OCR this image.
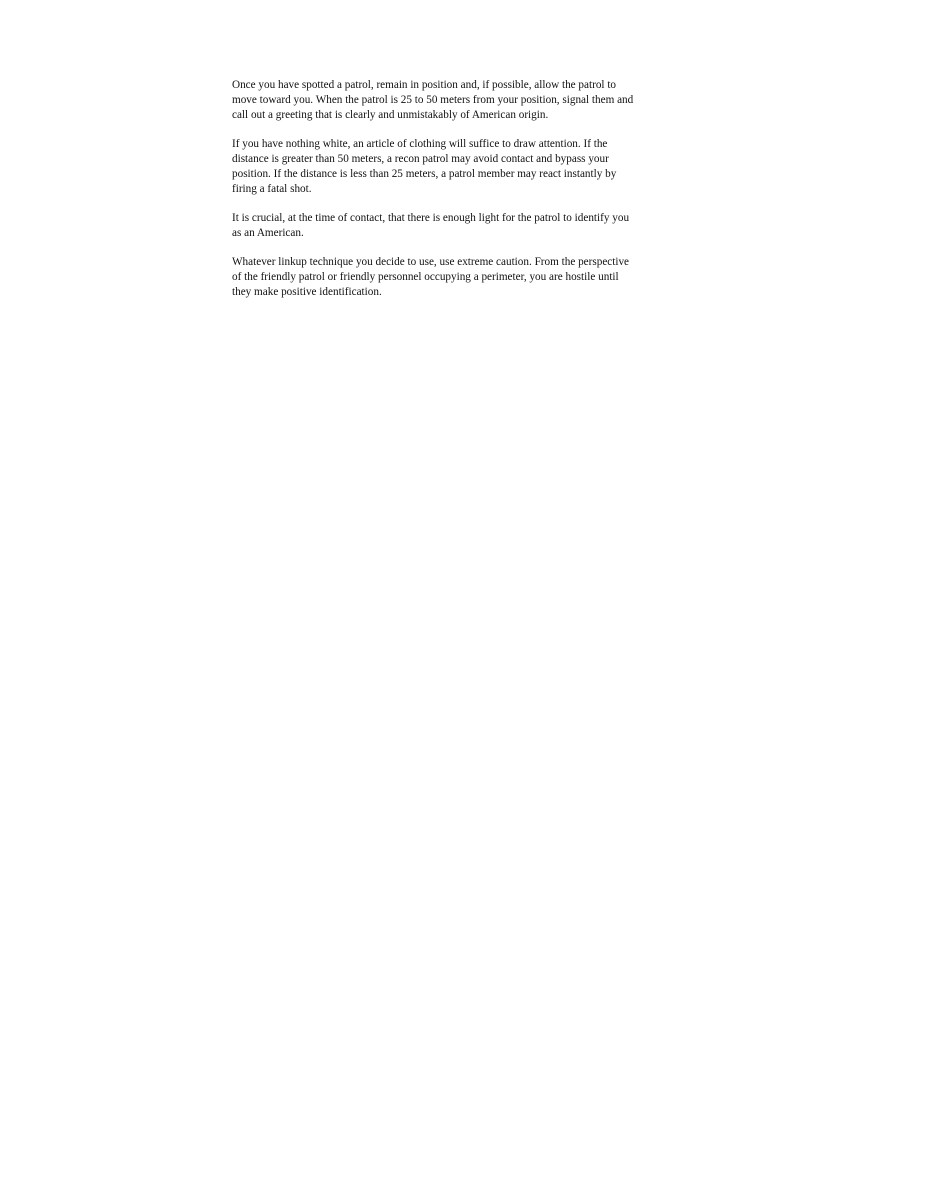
Once you have spotted a patrol, remain in position and, if possible, allow the patrol to
move toward you. When the patrol is 25 to 50 meters from your position, signal them and
call out a greeting that is clearly and unmistakably of American origin.

If you have nothing white, an article of clothing will suffice to draw attention. If the
distance is greater than 50 meters, a recon patrol may avoid contact and bypass your
position. If the distance is less than 25 meters, a patrol member may react instantly by
firing a fatal shot.

It is crucial, at the time of contact, that there is enough light for the patrol to identify you
as an American.

Whatever linkup technique you decide to use, use extreme caution. From the perspective
of the friendly patrol or friendly personnel occupying a perimeter, you are hostile until
they make positive identification.
